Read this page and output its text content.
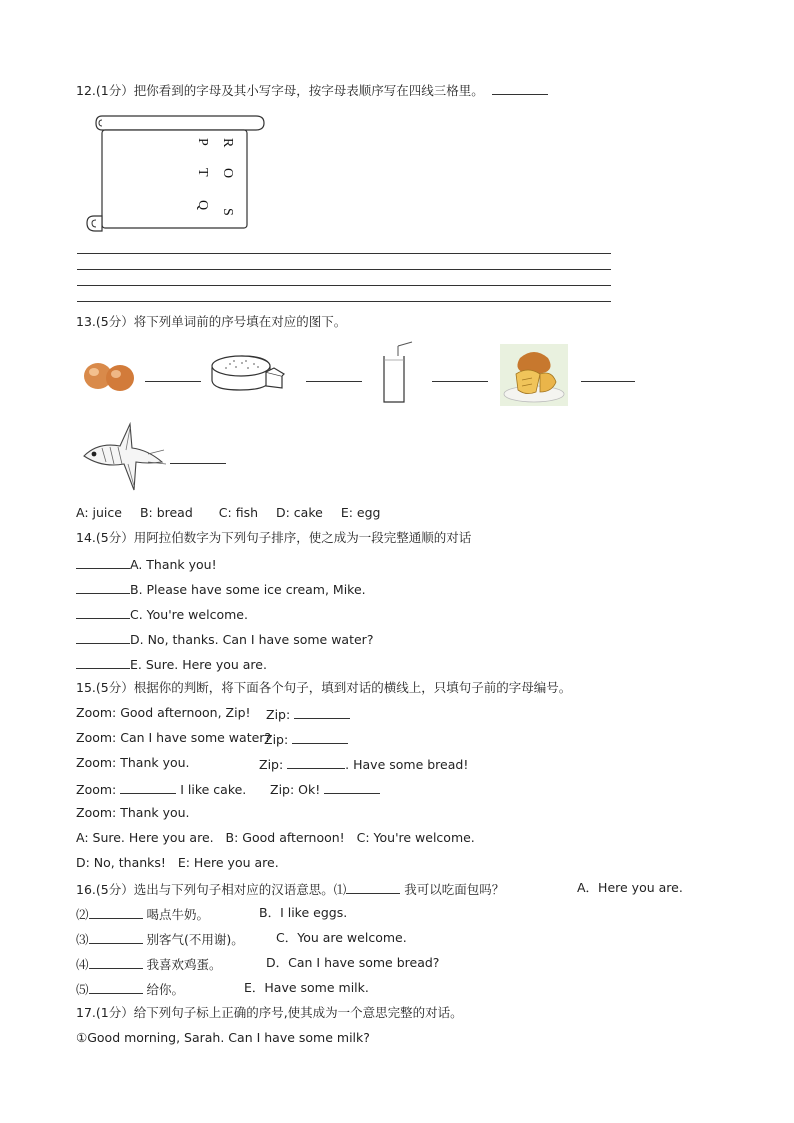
12.(1分）把你看到的字母及其小写字母，按字母表顺序写在四线三格里。
R
O
P
T
S
Q
13.(5分）将下列单词前的序号填在对应的图下。
A: juice B: bread C: fish D: cake E: egg
14.(5分）用阿拉伯数字为下列句子排序，使之成为一段完整通顺的对话
A. Thank you!
B. Please have some ice cream, Mike.
C. You're welcome.
D. No, thanks. Can I have some water?
E. Sure. Here you are.
15.(5分）根据你的判断，将下面各个句子，填到对话的横线上，只填句子前的字母编号。
Zoom: Good afternoon, Zip! Zip:
Zoom: Can I have some water?
Zip:
Zoom: Thank you.	Zip:	. Have some bread!
Zoom:	I like cake. Zip: Ok!
Zoom: Thank you.
A: Sure. Here you are.   B: Good afternoon!   C: You're welcome.
D: No, thanks!   E: Here you are.
16.(5分）选出与下列句子相对应的汉语意思。⑴	我可以吃面包吗？	A．Here you are.
⑵	喝点牛奶。	B．I like eggs.
⑶	别客气(不用谢)。	C．You are welcome.
⑷	我喜欢鸡蛋。	D．Can I have some bread?
⑸	给你。	E．Have some milk.
17.(1分）给下列句子标上正确的序号,使其成为一个意思完整的对话。
①Good morning, Sarah. Can I have some milk?
